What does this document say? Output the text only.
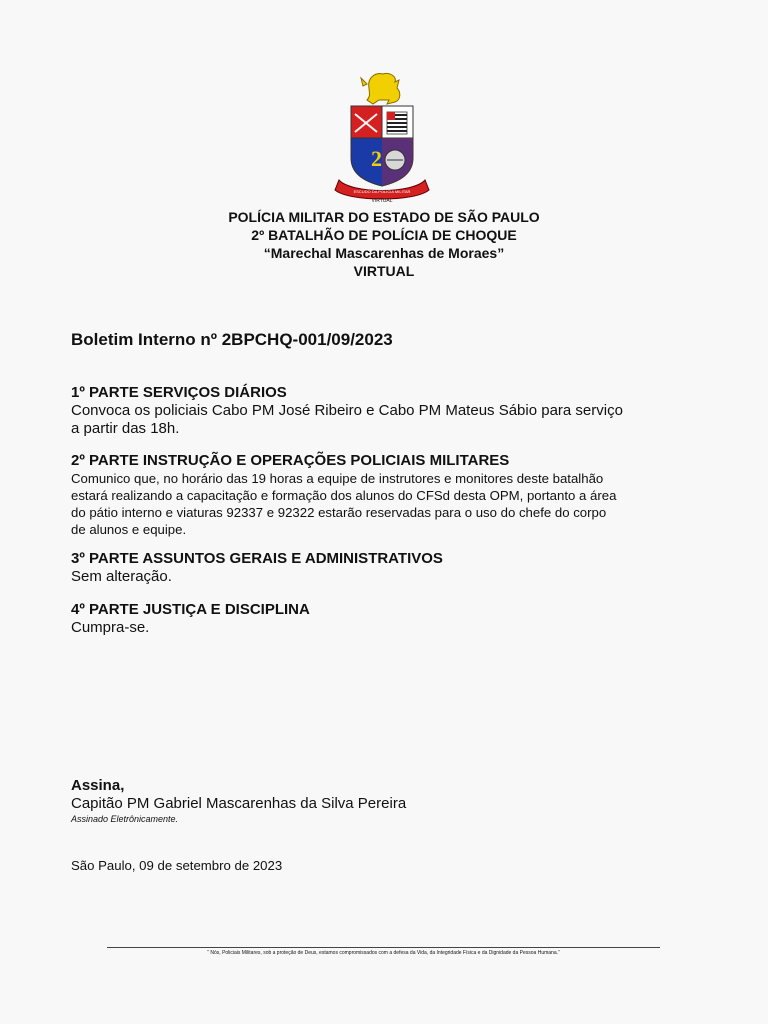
2
ESCUDO DA POLÍCIA MILITAR
VIRTUAL
POLÍCIA MILITAR DO ESTADO DE SÃO PAULO
2º BATALHÃO DE POLÍCIA DE CHOQUE
“Marechal Mascarenhas de Moraes”
VIRTUAL
Boletim Interno nº 2BPCHQ-001/09/2023
1º PARTE SERVIÇOS DIÁRIOS
Convoca os policiais Cabo PM José Ribeiro e Cabo PM Mateus Sábio para serviço
a partir das 18h.
2º PARTE INSTRUÇÃO E OPERAÇÕES POLICIAIS MILITARES
Comunico que, no horário das 19 horas a equipe de instrutores e monitores deste batalhão
estará realizando a capacitação e formação dos alunos do CFSd desta OPM, portanto a área
do pátio interno e viaturas 92337 e 92322 estarão reservadas para o uso do chefe do corpo
de alunos e equipe.
3º PARTE ASSUNTOS GERAIS E ADMINISTRATIVOS
Sem alteração.
4º PARTE JUSTIÇA E DISCIPLINA
Cumpra-se.
Assina,
Capitão PM Gabriel Mascarenhas da Silva Pereira
Assinado Eletrônicamente.
São Paulo, 09 de setembro de 2023
“ Nós, Policiais Militares, sob a proteção de Deus, estamos compromissados com a defesa da Vida, da Integridade Física e da Dignidade da Pessoa Humana.”
